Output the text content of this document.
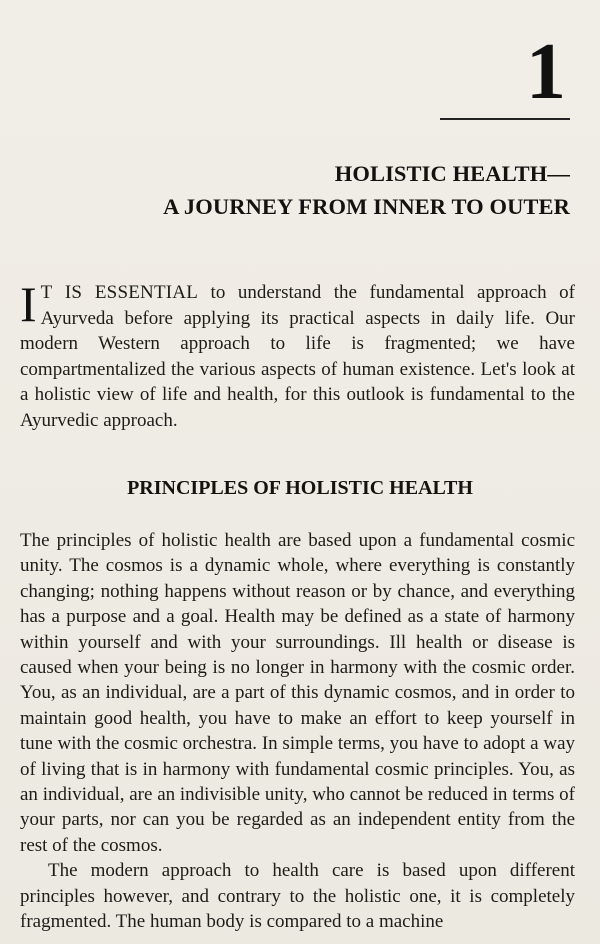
1
HOLISTIC HEALTH—
A JOURNEY FROM INNER TO OUTER
I T IS ESSENTIAL to understand the fundamental approach of Ayurveda before applying its practical aspects in daily life. Our modern Western approach to life is fragmented; we have compartmentalized the various aspects of human existence. Let's look at a holistic view of life and health, for this outlook is fundamental to the Ayurvedic approach.
PRINCIPLES OF HOLISTIC HEALTH

The principles of holistic health are based upon a fundamental cosmic unity. The cosmos is a dynamic whole, where everything is constantly changing; nothing happens without reason or by chance, and everything has a purpose and a goal. Health may be defined as a state of harmony within yourself and with your surroundings. Ill health or disease is caused when your being is no longer in harmony with the cosmic order. You, as an individual, are a part of this dynamic cosmos, and in order to maintain good health, you have to make an effort to keep yourself in tune with the cosmic orchestra. In simple terms, you have to adopt a way of living that is in harmony with fundamental cosmic principles. You, as an individual, are an indivisible unity, who cannot be reduced in terms of your parts, nor can you be regarded as an independent entity from the rest of the cosmos.

The modern approach to health care is based upon different principles however, and contrary to the holistic one, it is completely fragmented. The human body is compared to a machine
